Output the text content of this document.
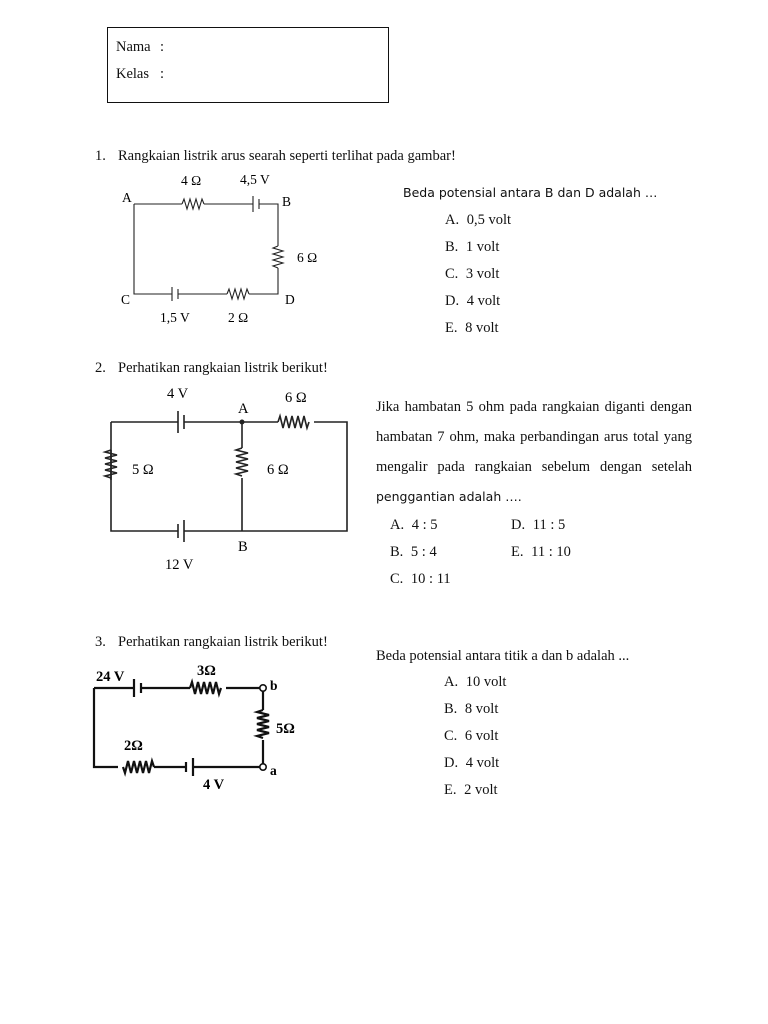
Nama :
Kelas :
1. Rangkaian listrik arus searah seperti terlihat pada gambar!
A	B
C	D
4 Ω	4,5 V
6 Ω
1,5 V	2 Ω
Beda potensial antara B dan D adalah …
A. 0,5 volt
B. 1 volt
C. 3 volt
D. 4 volt
E. 8 volt
2. Perhatikan rangkaian listrik berikut!
4 V
A
6 Ω
5 Ω	6 Ω
B
12 V
Jika hambatan 5 ohm pada rangkaian diganti dengan
hambatan 7 ohm, maka perbandingan arus total yang
mengalir pada rangkaian sebelum dengan setelah
penggantian adalah ….
A. 4 : 5
B. 5 : 4
C. 10 : 11
D. 11 : 5
E. 11 : 10
3. Perhatikan rangkaian listrik berikut!
24 V	3Ω
b
5Ω
2Ω
4 V
a
Beda potensial antara titik a dan b adalah ...
A. 10 volt
B. 8 volt
C. 6 volt
D. 4 volt
E. 2 volt
